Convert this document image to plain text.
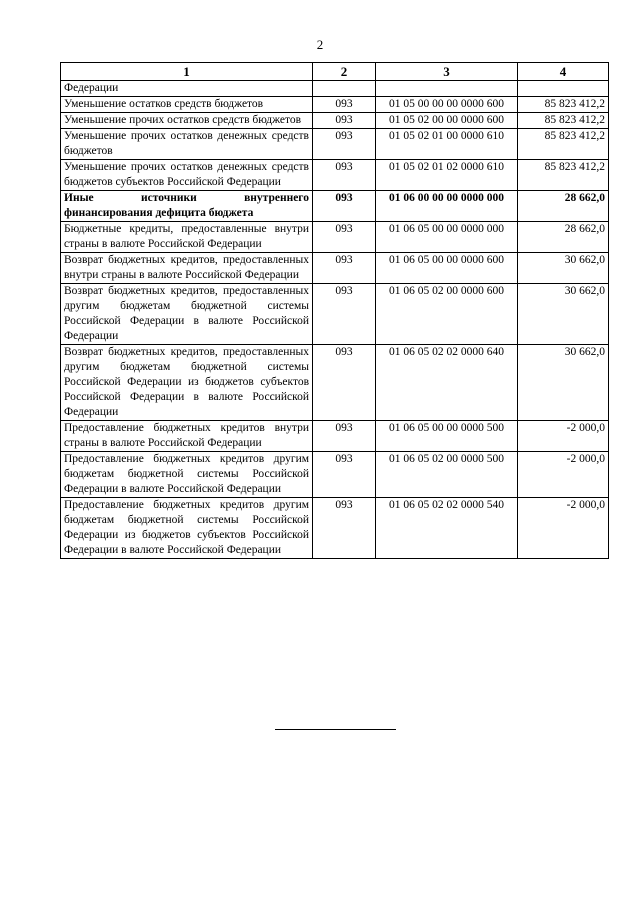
2
1	2	3	4
Федерации			
Уменьшение остатков средств бюджетов	093	01 05 00 00 00 0000 600	85 823 412,2
Уменьшение прочих остатков средств бюджетов	093	01 05 02 00 00 0000 600	85 823 412,2
Уменьшение прочих остатков денежных средств бюджетов	093	01 05 02 01 00 0000 610	85 823 412,2
Уменьшение прочих остатков денежных средств бюджетов субъектов Российской Федерации	093	01 05 02 01 02 0000 610	85 823 412,2
Иные источники внутреннего финансирования дефицита бюджета	093	01 06 00 00 00 0000 000	28 662,0
Бюджетные кредиты, предоставленные внутри страны в валюте Российской Федерации	093	01 06 05 00 00 0000 000	28 662,0
Возврат бюджетных кредитов, предоставленных внутри страны в валюте Российской Федерации	093	01 06 05 00 00 0000 600	30 662,0
Возврат бюджетных кредитов, предоставленных другим бюджетам бюджетной системы Российской Федерации в валюте Российской Федерации	093	01 06 05 02 00 0000 600	30 662,0
Возврат бюджетных кредитов, предоставленных другим бюджетам бюджетной системы Российской Федерации из бюджетов субъектов Российской Федерации в валюте Российской Федерации	093	01 06 05 02 02 0000 640	30 662,0
Предоставление бюджетных кредитов внутри страны в валюте Российской Федерации	093	01 06 05 00 00 0000 500	-2 000,0
Предоставление бюджетных кредитов другим бюджетам бюджетной системы Российской Федерации в валюте Российской Федерации	093	01 06 05 02 00 0000 500	-2 000,0
Предоставление бюджетных кредитов другим бюджетам бюджетной системы Российской Федерации из бюджетов субъектов Российской Федерации в валюте Российской Федерации	093	01 06 05 02 02 0000 540	-2 000,0
